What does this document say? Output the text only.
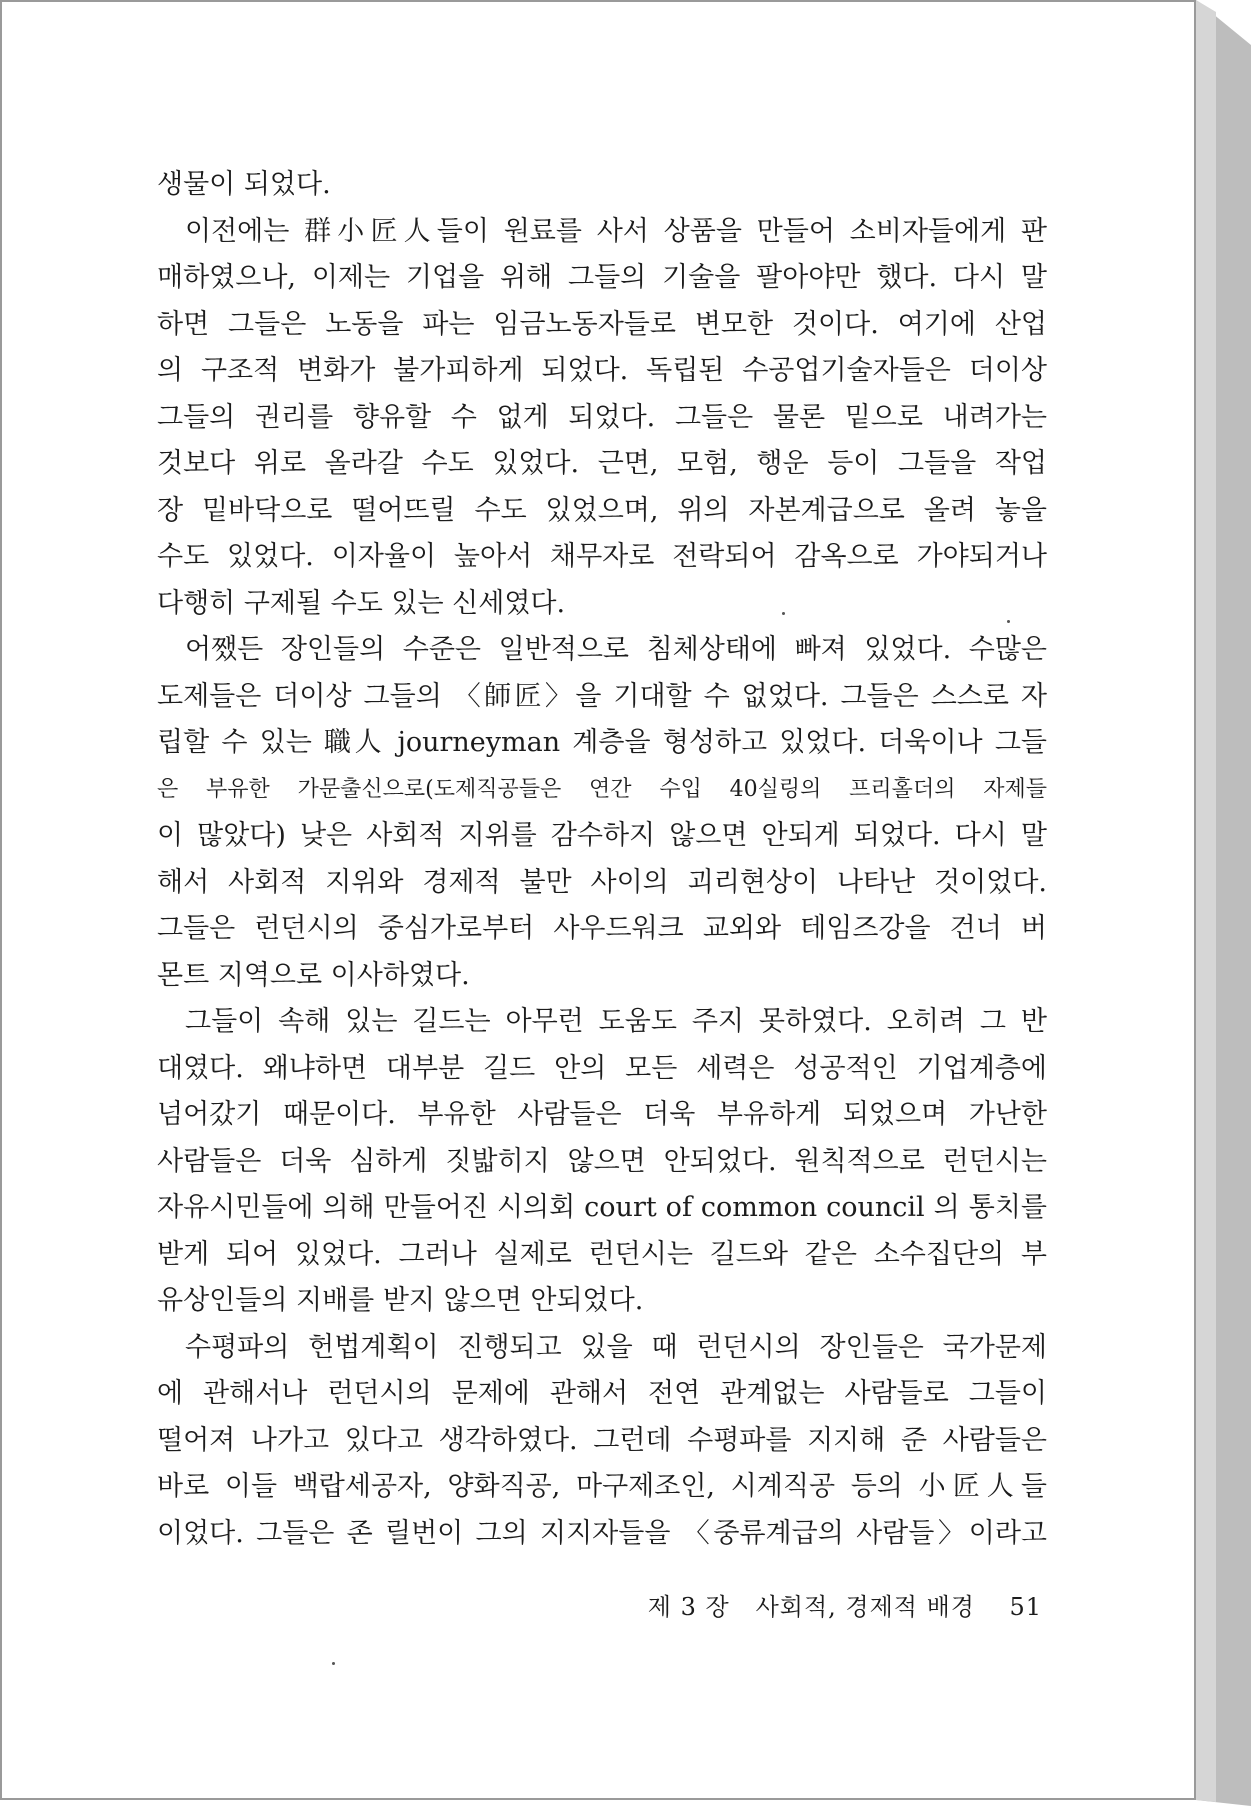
생물이 되었다.
이전에는 群小匠人들이 원료를 사서 상품을 만들어 소비자들에게 판
매하였으나, 이제는 기업을 위해 그들의 기술을 팔아야만 했다. 다시 말
하면 그들은 노동을 파는 임금노동자들로 변모한 것이다. 여기에 산업
의 구조적 변화가 불가피하게 되었다. 독립된 수공업기술자들은 더이상
그들의 권리를 향유할 수 없게 되었다. 그들은 물론 밑으로 내려가는
것보다 위로 올라갈 수도 있었다. 근면, 모험, 행운 등이 그들을 작업
장 밑바닥으로 떨어뜨릴 수도 있었으며, 위의 자본계급으로 올려 놓을
수도 있었다. 이자율이 높아서 채무자로 전락되어 감옥으로 가야되거나
다행히 구제될 수도 있는 신세였다.
어쨌든 장인들의 수준은 일반적으로 침체상태에 빠져 있었다. 수많은
도제들은 더이상 그들의 〈師匠〉을 기대할 수 없었다. 그들은 스스로 자
립할 수 있는 職人 journeyman 계층을 형성하고 있었다. 더욱이나 그들
은 부유한 가문출신으로(도제직공들은 연간 수입 40실링의 프리홀더의 자제들
이 많았다) 낮은 사회적 지위를 감수하지 않으면 안되게 되었다. 다시 말
해서 사회적 지위와 경제적 불만 사이의 괴리현상이 나타난 것이었다.
그들은 런던시의 중심가로부터 사우드워크 교외와 테임즈강을 건너 버
몬트 지역으로 이사하였다.
그들이 속해 있는 길드는 아무런 도움도 주지 못하였다. 오히려 그 반
대였다. 왜냐하면 대부분 길드 안의 모든 세력은 성공적인 기업계층에
넘어갔기 때문이다. 부유한 사람들은 더욱 부유하게 되었으며 가난한
사람들은 더욱 심하게 짓밟히지 않으면 안되었다. 원칙적으로 런던시는
자유시민들에 의해 만들어진 시의회 court of common council 의 통치를
받게 되어 있었다. 그러나 실제로 런던시는 길드와 같은 소수집단의 부
유상인들의 지배를 받지 않으면 안되었다.
수평파의 헌법계획이 진행되고 있을 때 런던시의 장인들은 국가문제
에 관해서나 런던시의 문제에 관해서 전연 관계없는 사람들로 그들이
떨어져 나가고 있다고 생각하였다. 그런데 수평파를 지지해 준 사람들은
바로 이들 백랍세공자, 양화직공, 마구제조인, 시계직공 등의 小匠人들
이었다. 그들은 존 릴번이 그의 지지자들을 〈중류계급의 사람들〉이라고
제 3 장 사회적, 경제적 배경 51
